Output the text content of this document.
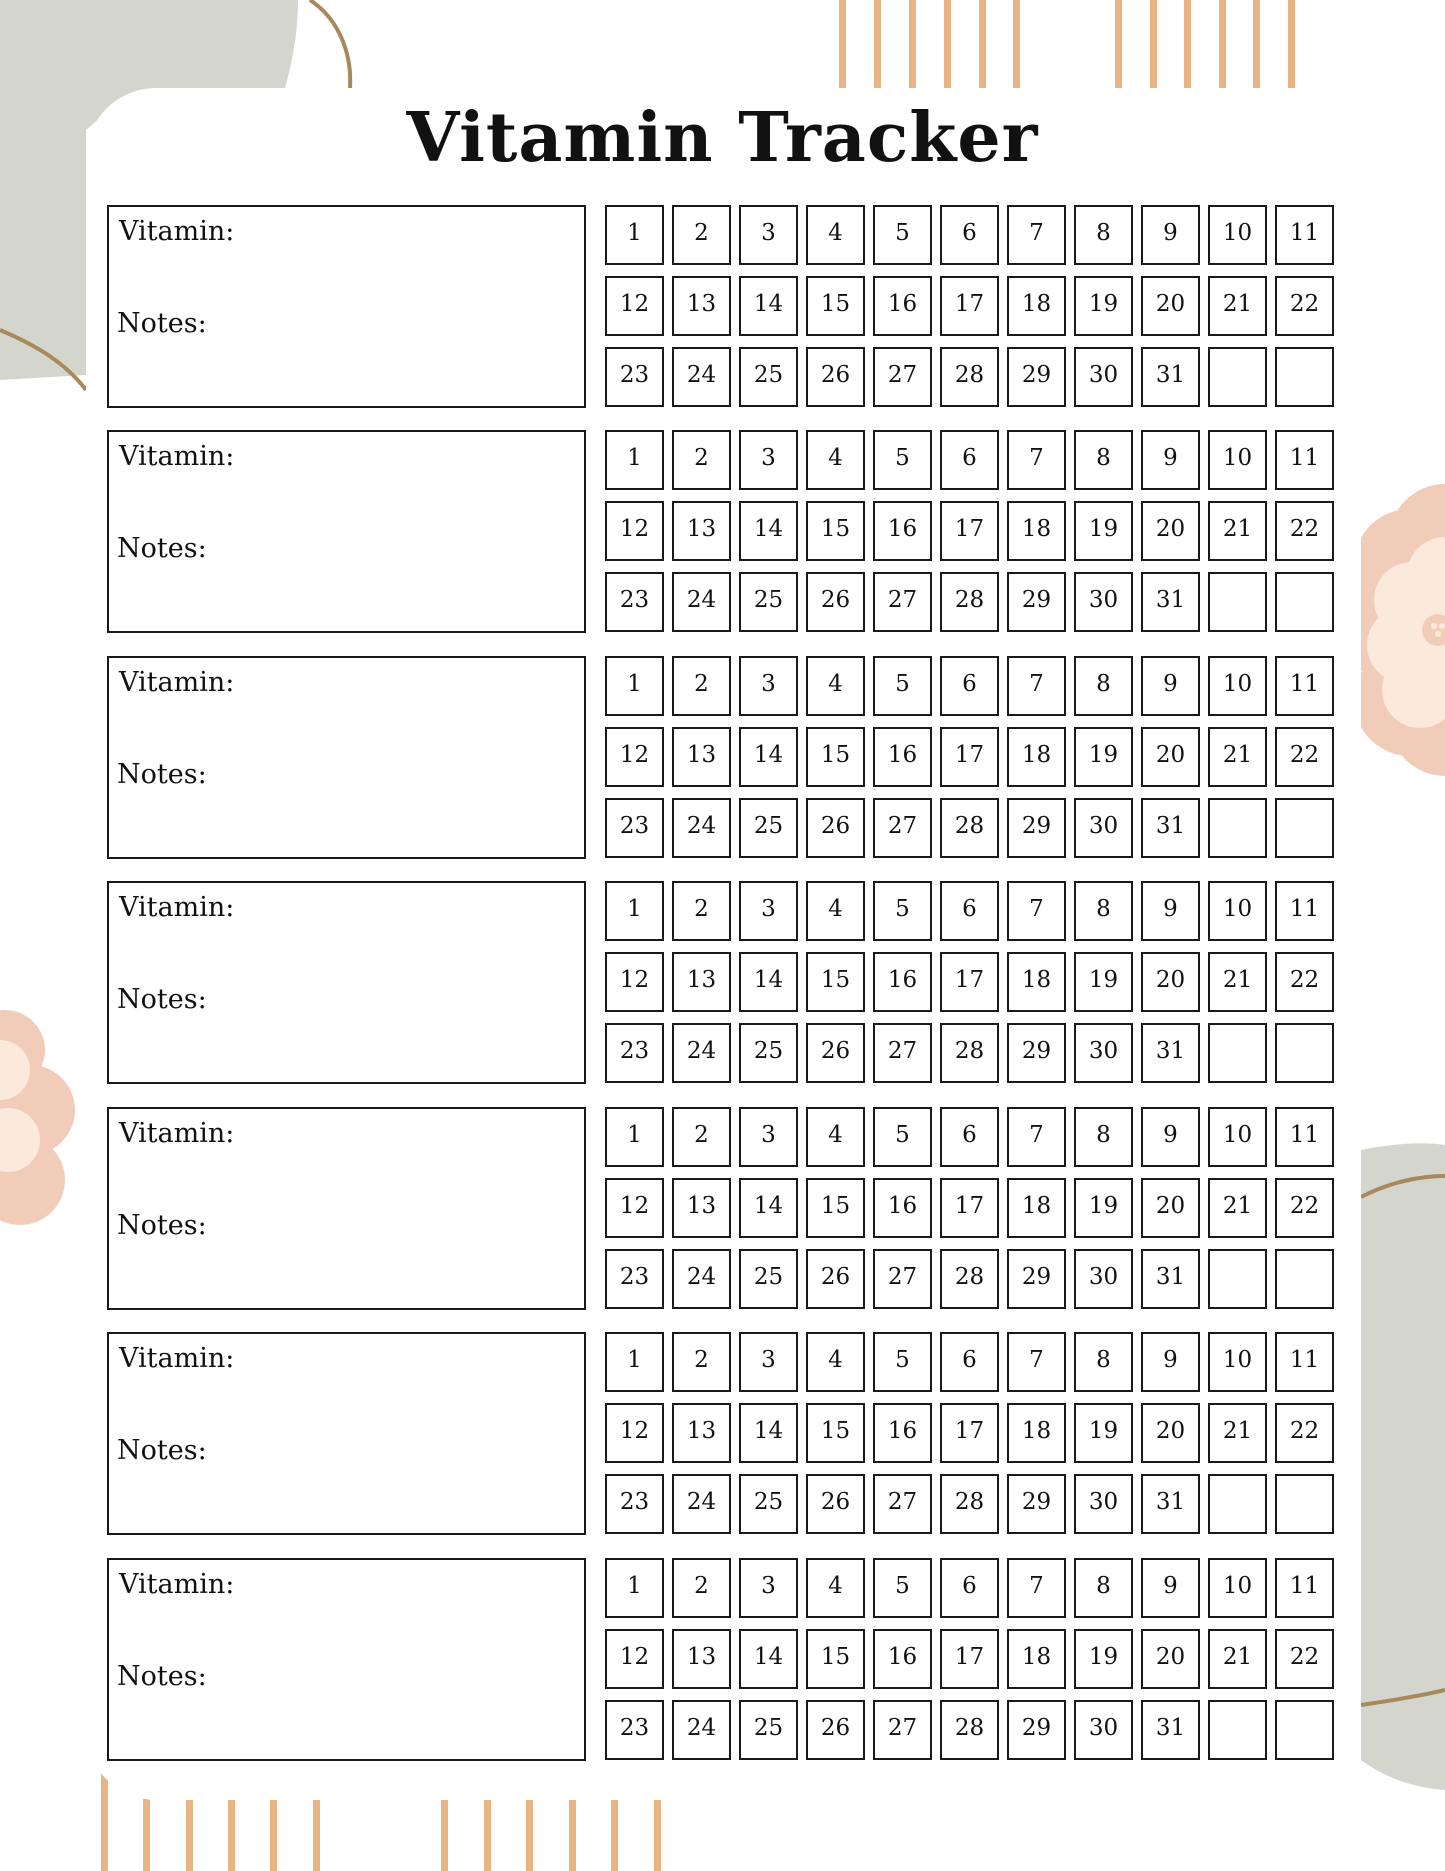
Vitamin Tracker
Vitamin:
Notes:
1	2	3	4	5	6	7	8	9	10	11
12	13	14	15	16	17	18	19	20	21	22
23	24	25	26	27	28	29	30	31
Vitamin:
Notes:
1	2	3	4	5	6	7	8	9	10	11
12	13	14	15	16	17	18	19	20	21	22
23	24	25	26	27	28	29	30	31
Vitamin:
Notes:
1	2	3	4	5	6	7	8	9	10	11
12	13	14	15	16	17	18	19	20	21	22
23	24	25	26	27	28	29	30	31
Vitamin:
Notes:
1	2	3	4	5	6	7	8	9	10	11
12	13	14	15	16	17	18	19	20	21	22
23	24	25	26	27	28	29	30	31
Vitamin:
Notes:
1	2	3	4	5	6	7	8	9	10	11
12	13	14	15	16	17	18	19	20	21	22
23	24	25	26	27	28	29	30	31
Vitamin:
Notes:
1	2	3	4	5	6	7	8	9	10	11
12	13	14	15	16	17	18	19	20	21	22
23	24	25	26	27	28	29	30	31
Vitamin:
Notes:
1	2	3	4	5	6	7	8	9	10	11
12	13	14	15	16	17	18	19	20	21	22
23	24	25	26	27	28	29	30	31
